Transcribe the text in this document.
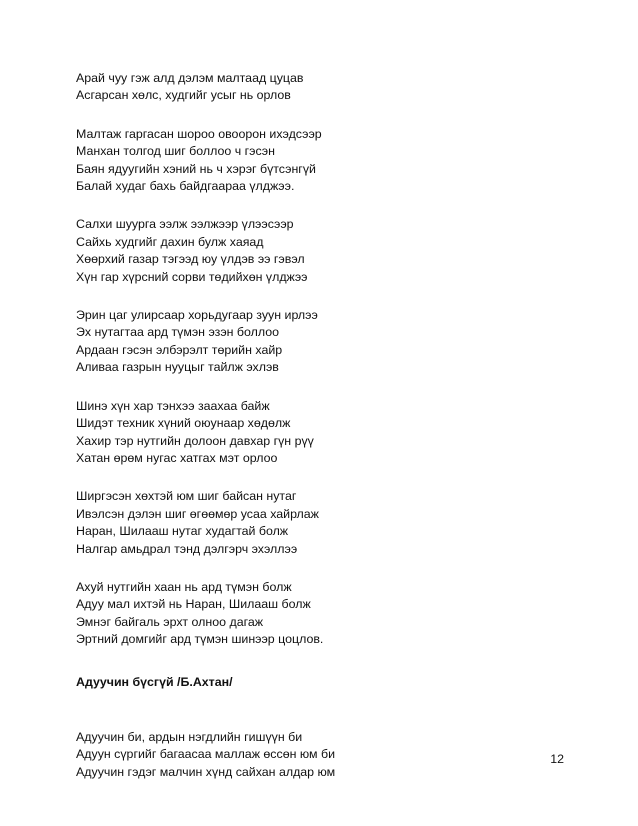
Арай чуу гэж алд дэлэм малтаад цуцав
Асгарсан хөлс, худгийг усыг нь орлов
Малтаж гаргасан шороо овоорон ихэдсээр
Манхан толгод шиг боллоо ч гэсэн
Баян ядуугийн хэний нь ч хэрэг бүтсэнгүй
Балай худаг бахь байдгаараа үлджээ.
Салхи шуурга ээлж ээлжээр үлээсээр
Сайхь худгийг дахин булж хаяад
Хөөрхий газар тэгээд юу үлдэв ээ гэвэл
Хүн гар хүрсний сорви төдийхөн үлджээ
Эрин цаг улирсаар хорьдугаар зуун ирлээ
Эх нутагтаа ард түмэн эзэн боллоо
Ардаан гэсэн элбэрэлт төрийн хайр
Аливаа газрын нууцыг тайлж эхлэв
Шинэ хүн хар тэнхээ заахаа байж
Шидэт техник хүний оюунаар хөдөлж
Хахир тэр нутгийн долоон давхар гүн рүү
Хатан өрөм нугас хатгах мэт орлоо
Ширгэсэн хөхтэй юм шиг байсан нутаг
Ивэлсэн дэлэн шиг өгөөмөр усаа хайрлаж
Наран, Шилааш нутаг худагтай болж
Налгар амьдрал тэнд дэлгэрч эхэллээ
Ахуй нутгийн хаан нь ард түмэн болж
Адуу мал ихтэй нь Наран, Шилааш болж
Эмнэг байгаль эрхт олноо дагаж
Эртний домгийг ард түмэн шинээр цоцлов.
Адуучин бүсгүй /Б.Ахтан/
Адуучин би, ардын нэгдлийн гишүүн би
Адуун сүргийг багаасаа маллаж өссөн юм би
Адуучин гэдэг малчин хүнд сайхан алдар юм
12
